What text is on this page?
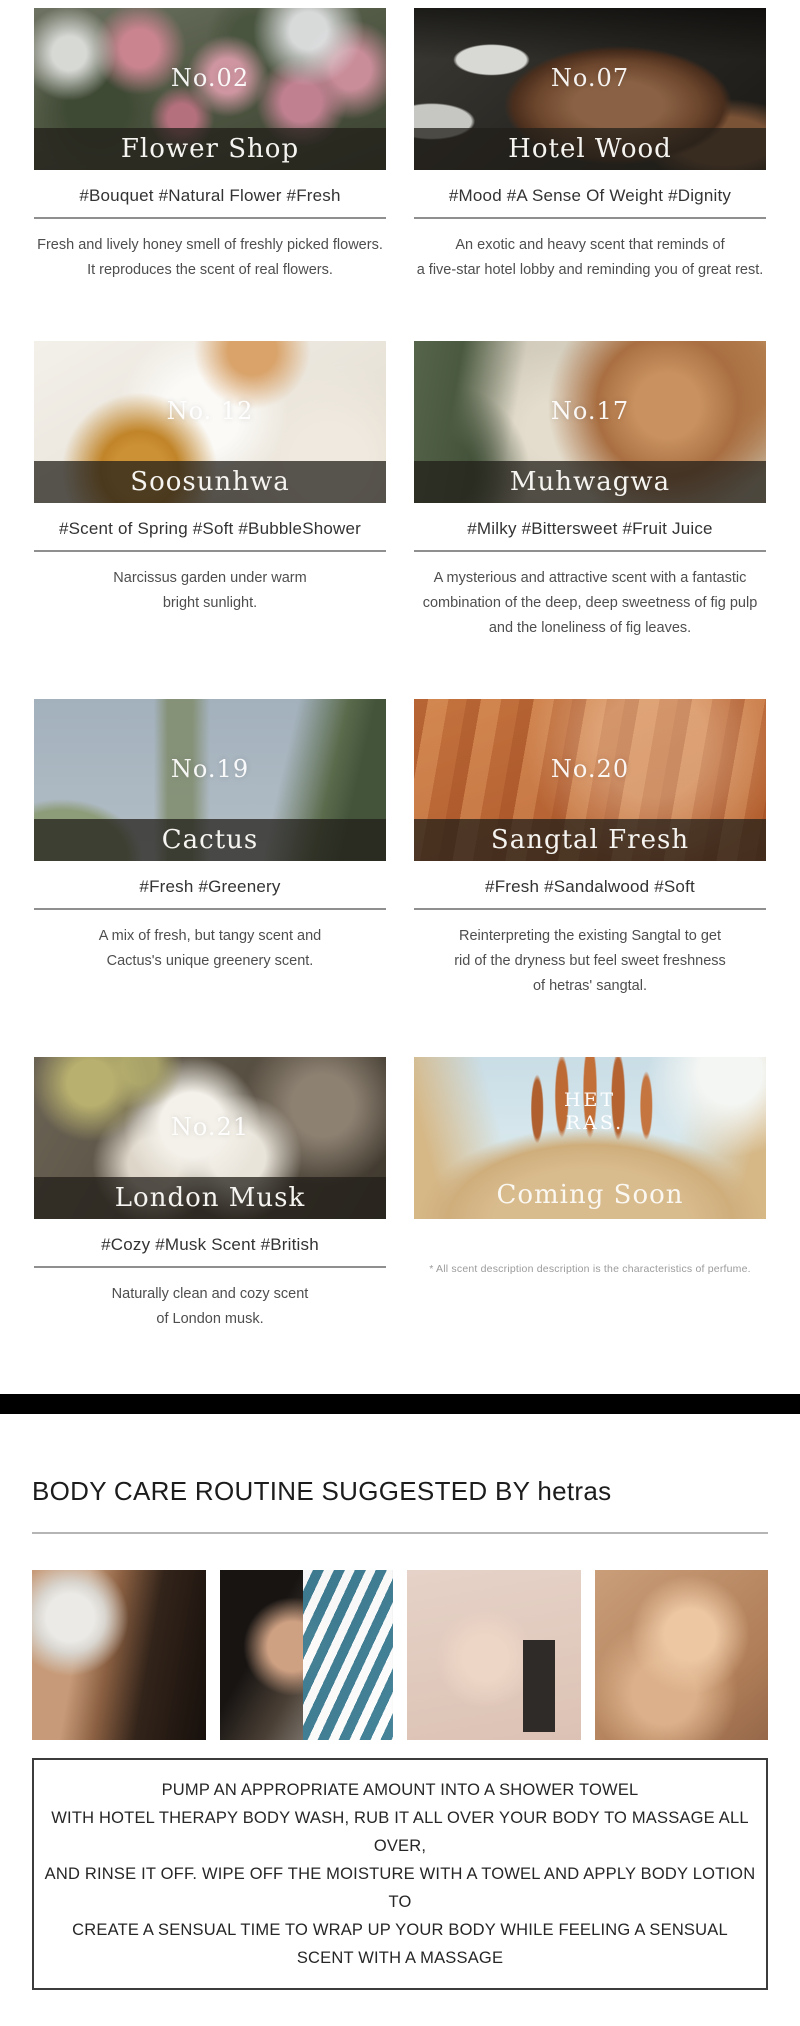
No.02
Flower Shop
#Bouquet #Natural Flower #Fresh
Fresh and lively honey smell of freshly picked flowers.
It reproduces the scent of real flowers.
No.07
Hotel Wood
#Mood #A Sense Of Weight #Dignity
An exotic and heavy scent that reminds of
a five-star hotel lobby and reminding you of great rest.
No. 12
Soosunhwa
#Scent of Spring #Soft #BubbleShower
Narcissus garden under warm
bright sunlight.
No.17
Muhwagwa
#Milky #Bittersweet #Fruit Juice
A mysterious and attractive scent with a fantastic
combination of the deep, deep sweetness of fig pulp
and the loneliness of fig leaves.
No.19
Cactus
#Fresh #Greenery
A mix of fresh, but tangy scent and
Cactus's unique greenery scent.
No.20
Sangtal Fresh
#Fresh #Sandalwood #Soft
Reinterpreting the existing Sangtal to get
rid of the dryness but feel sweet freshness
of hetras' sangtal.
No.21
London Musk
#Cozy #Musk Scent #British
Naturally clean and cozy scent
of London musk.
HET
RAS.
Coming Soon
* All scent description description is the characteristics of perfume.
BODY CARE ROUTINE SUGGESTED BY hetras
PUMP AN APPROPRIATE AMOUNT INTO A SHOWER TOWEL
WITH HOTEL THERAPY BODY WASH, RUB IT ALL OVER YOUR BODY TO MASSAGE ALL OVER,
AND RINSE IT OFF. WIPE OFF THE MOISTURE WITH A TOWEL AND APPLY BODY LOTION TO
CREATE A SENSUAL TIME TO WRAP UP YOUR BODY WHILE FEELING A SENSUAL
SCENT WITH A MASSAGE
